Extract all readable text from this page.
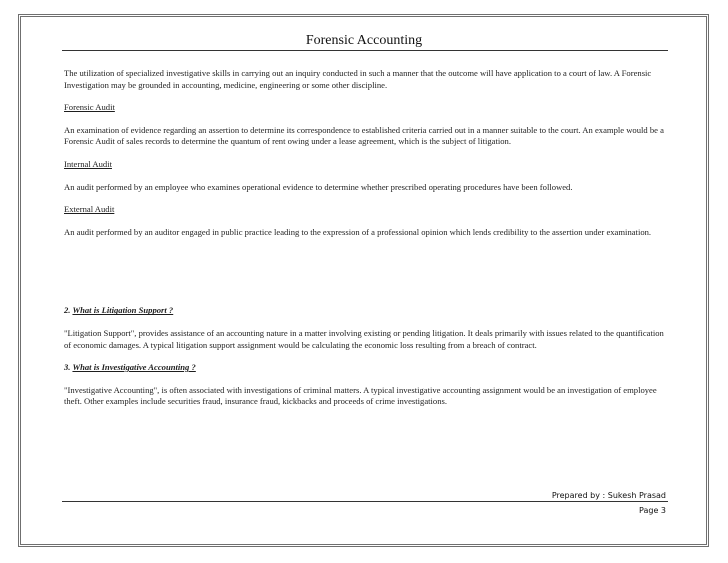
Forensic Accounting

The utilization of specialized investigative skills in carrying out an inquiry conducted in such a manner that the outcome will have application to a court of law. A Forensic Investigation may be grounded in accounting, medicine, engineering or some other discipline.

Forensic Audit

An examination of evidence regarding an assertion to determine its correspondence to established criteria carried out in a manner suitable to the court. An example would be a Forensic Audit of sales records to determine the quantum of rent owing under a lease agreement, which is the subject of litigation.

Internal Audit

An audit performed by an employee who examines operational evidence to determine whether prescribed operating procedures have been followed.

External Audit

An audit performed by an auditor engaged in public practice leading to the expression of a professional opinion which lends credibility to the assertion under examination.

2. What is Litigation Support ?

"Litigation Support", provides assistance of an accounting nature in a matter involving existing or pending litigation. It deals primarily with issues related to the quantification of economic damages. A typical litigation support assignment would be calculating the economic loss resulting from a breach of contract.

3. What is Investigative Accounting ?

"Investigative Accounting", is often associated with investigations of criminal matters. A typical investigative accounting assignment would be an investigation of employee theft. Other examples include securities fraud, insurance fraud, kickbacks and proceeds of crime investigations.

Prepared by : Sukesh Prasad
Page 3
